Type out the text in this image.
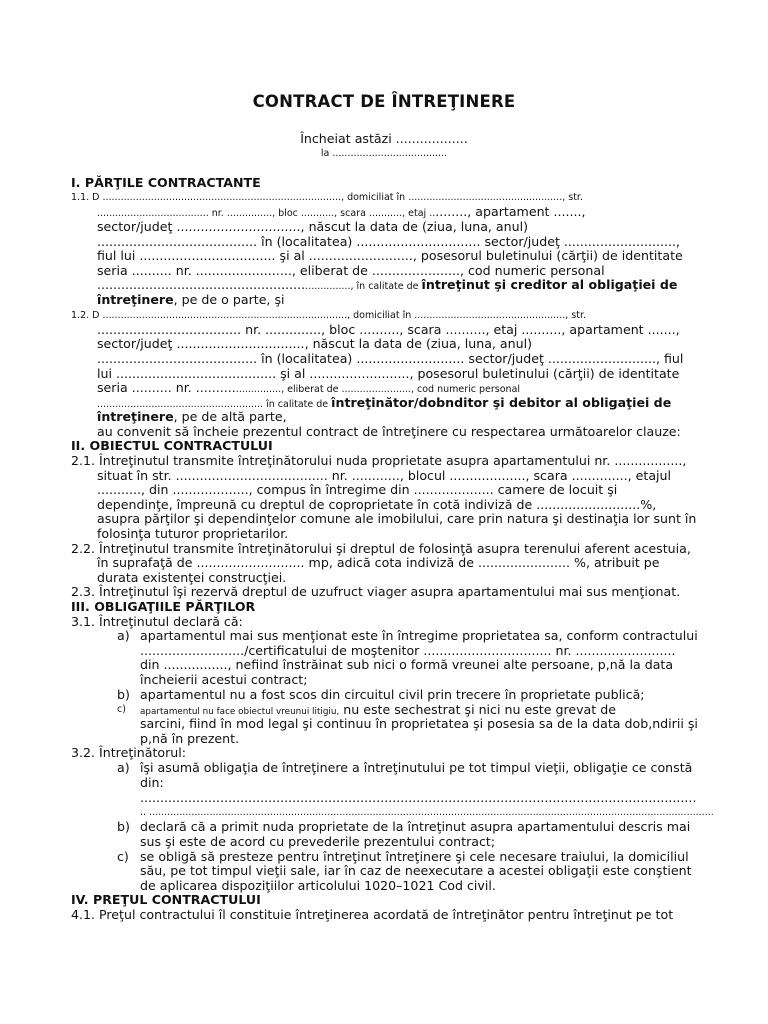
CONTRACT DE ÎNTREŢINERE
Încheiat astăzi ..................
la ......................................
I. PĂRŢILE CONTRACTANTE
1.1. D ..............................................................................., domiciliat în ..................................................., str.
..................................... nr. ..............., bloc ..........., scara ..........., etaj .........., apartament .......,
sector/judeţ ..............................., născut la data de (ziua, luna, anul)
........................................ în (localitatea) ............................... sector/judeţ ............................,
fiul lui .................................. şi al .........................., posesorul buletinului (cărţii) de identitate
seria .......... nr. ........................, eliberat de ......................, cod numeric personal
..................................................................., în calitate de întreţinut şi creditor al obligaţiei de
întreţinere, pe de o parte, şi
1.2. D ................................................................................., domiciliat în .................................................., str.
.................................... nr. .............., bloc .........., scara .........., etaj .........., apartament .......,
sector/judeţ ................................, născut la data de (ziua, luna, anul)
........................................ în (localitatea) ........................... sector/judeţ ..........................., fiul
lui ........................................ şi al ........................., posesorul buletinului (cărţii) de identitate
seria .......... nr. ........................., eliberat de ......................., cod numeric personal
....................................................... în calitate de întreţinător/dobnditor şi debitor al obligaţiei de
întreţinere, pe de altă parte,
au convenit să încheie prezentul contract de întreţinere cu respectarea următoarelor clauze:
II. OBIECTUL CONTRACTULUI
2.1. Întreţinutul transmite întreţinătorului nuda proprietate asupra apartamentului nr. .................,
situat în str. ...................................... nr. ............, blocul ..................., scara .............., etajul
..........., din ..................., compus în întregime din .................... camere de locuit şi
dependinţe, împreună cu dreptul de coproprietate în cotă indiviză de ..........................%,
asupra părţilor şi dependinţelor comune ale imobilului, care prin natura şi destinaţia lor sunt în
folosinţa tuturor proprietarilor.
2.2. Întreţinutul transmite întreţinătorului şi dreptul de folosinţă asupra terenului aferent acestuia,
în suprafaţă de ........................... mp, adică cota indiviză de ....................... %, atribuit pe
durata existenţei construcţiei.
2.3. Întreţinutul îşi rezervă dreptul de uzufruct viager asupra apartamentului mai sus menţionat.
III. OBLIGAŢIILE PĂRŢILOR
3.1. Întreţinutul declară că:
a) apartamentul mai sus menţionat este în întregime proprietatea sa, conform contractului
........................../certificatului de moştenitor ................................ nr. .........................
din ................, nefiind înstrăinat sub nici o formă vreunei alte persoane, p,nă la data
încheierii acestui contract;
b) apartamentul nu a fost scos din circuitul civil prin trecere în proprietate publică;
c) apartamentul nu face obiectul vreunui litigiu, nu este sechestrat şi nici nu este grevat de
sarcini, fiind în mod legal şi continuu în proprietatea şi posesia sa de la data dob,ndirii şi
p,nă în prezent.
3.2. Întreţinătorul:
a) îşi asumă obligaţia de întreţinere a întreţinutului pe tot timpul vieţii, obligaţie ce constă
din:
...........................................................................................................................................
.. ...........................................................................................................................................................................................
b) declară că a primit nuda proprietate de la întreţinut asupra apartamentului descris mai
sus şi este de acord cu prevederile prezentului contract;
c) se obligă să presteze pentru întreţinut întreţinere şi cele necesare traiului, la domiciliul
său, pe tot timpul vieţii sale, iar în caz de neexecutare a acestei obligaţii este conştient
de aplicarea dispoziţiilor articolului 1020–1021 Cod civil.
IV. PREŢUL CONTRACTULUI
4.1. Preţul contractului îl constituie întreţinerea acordată de întreţinător pentru întreţinut pe tot
